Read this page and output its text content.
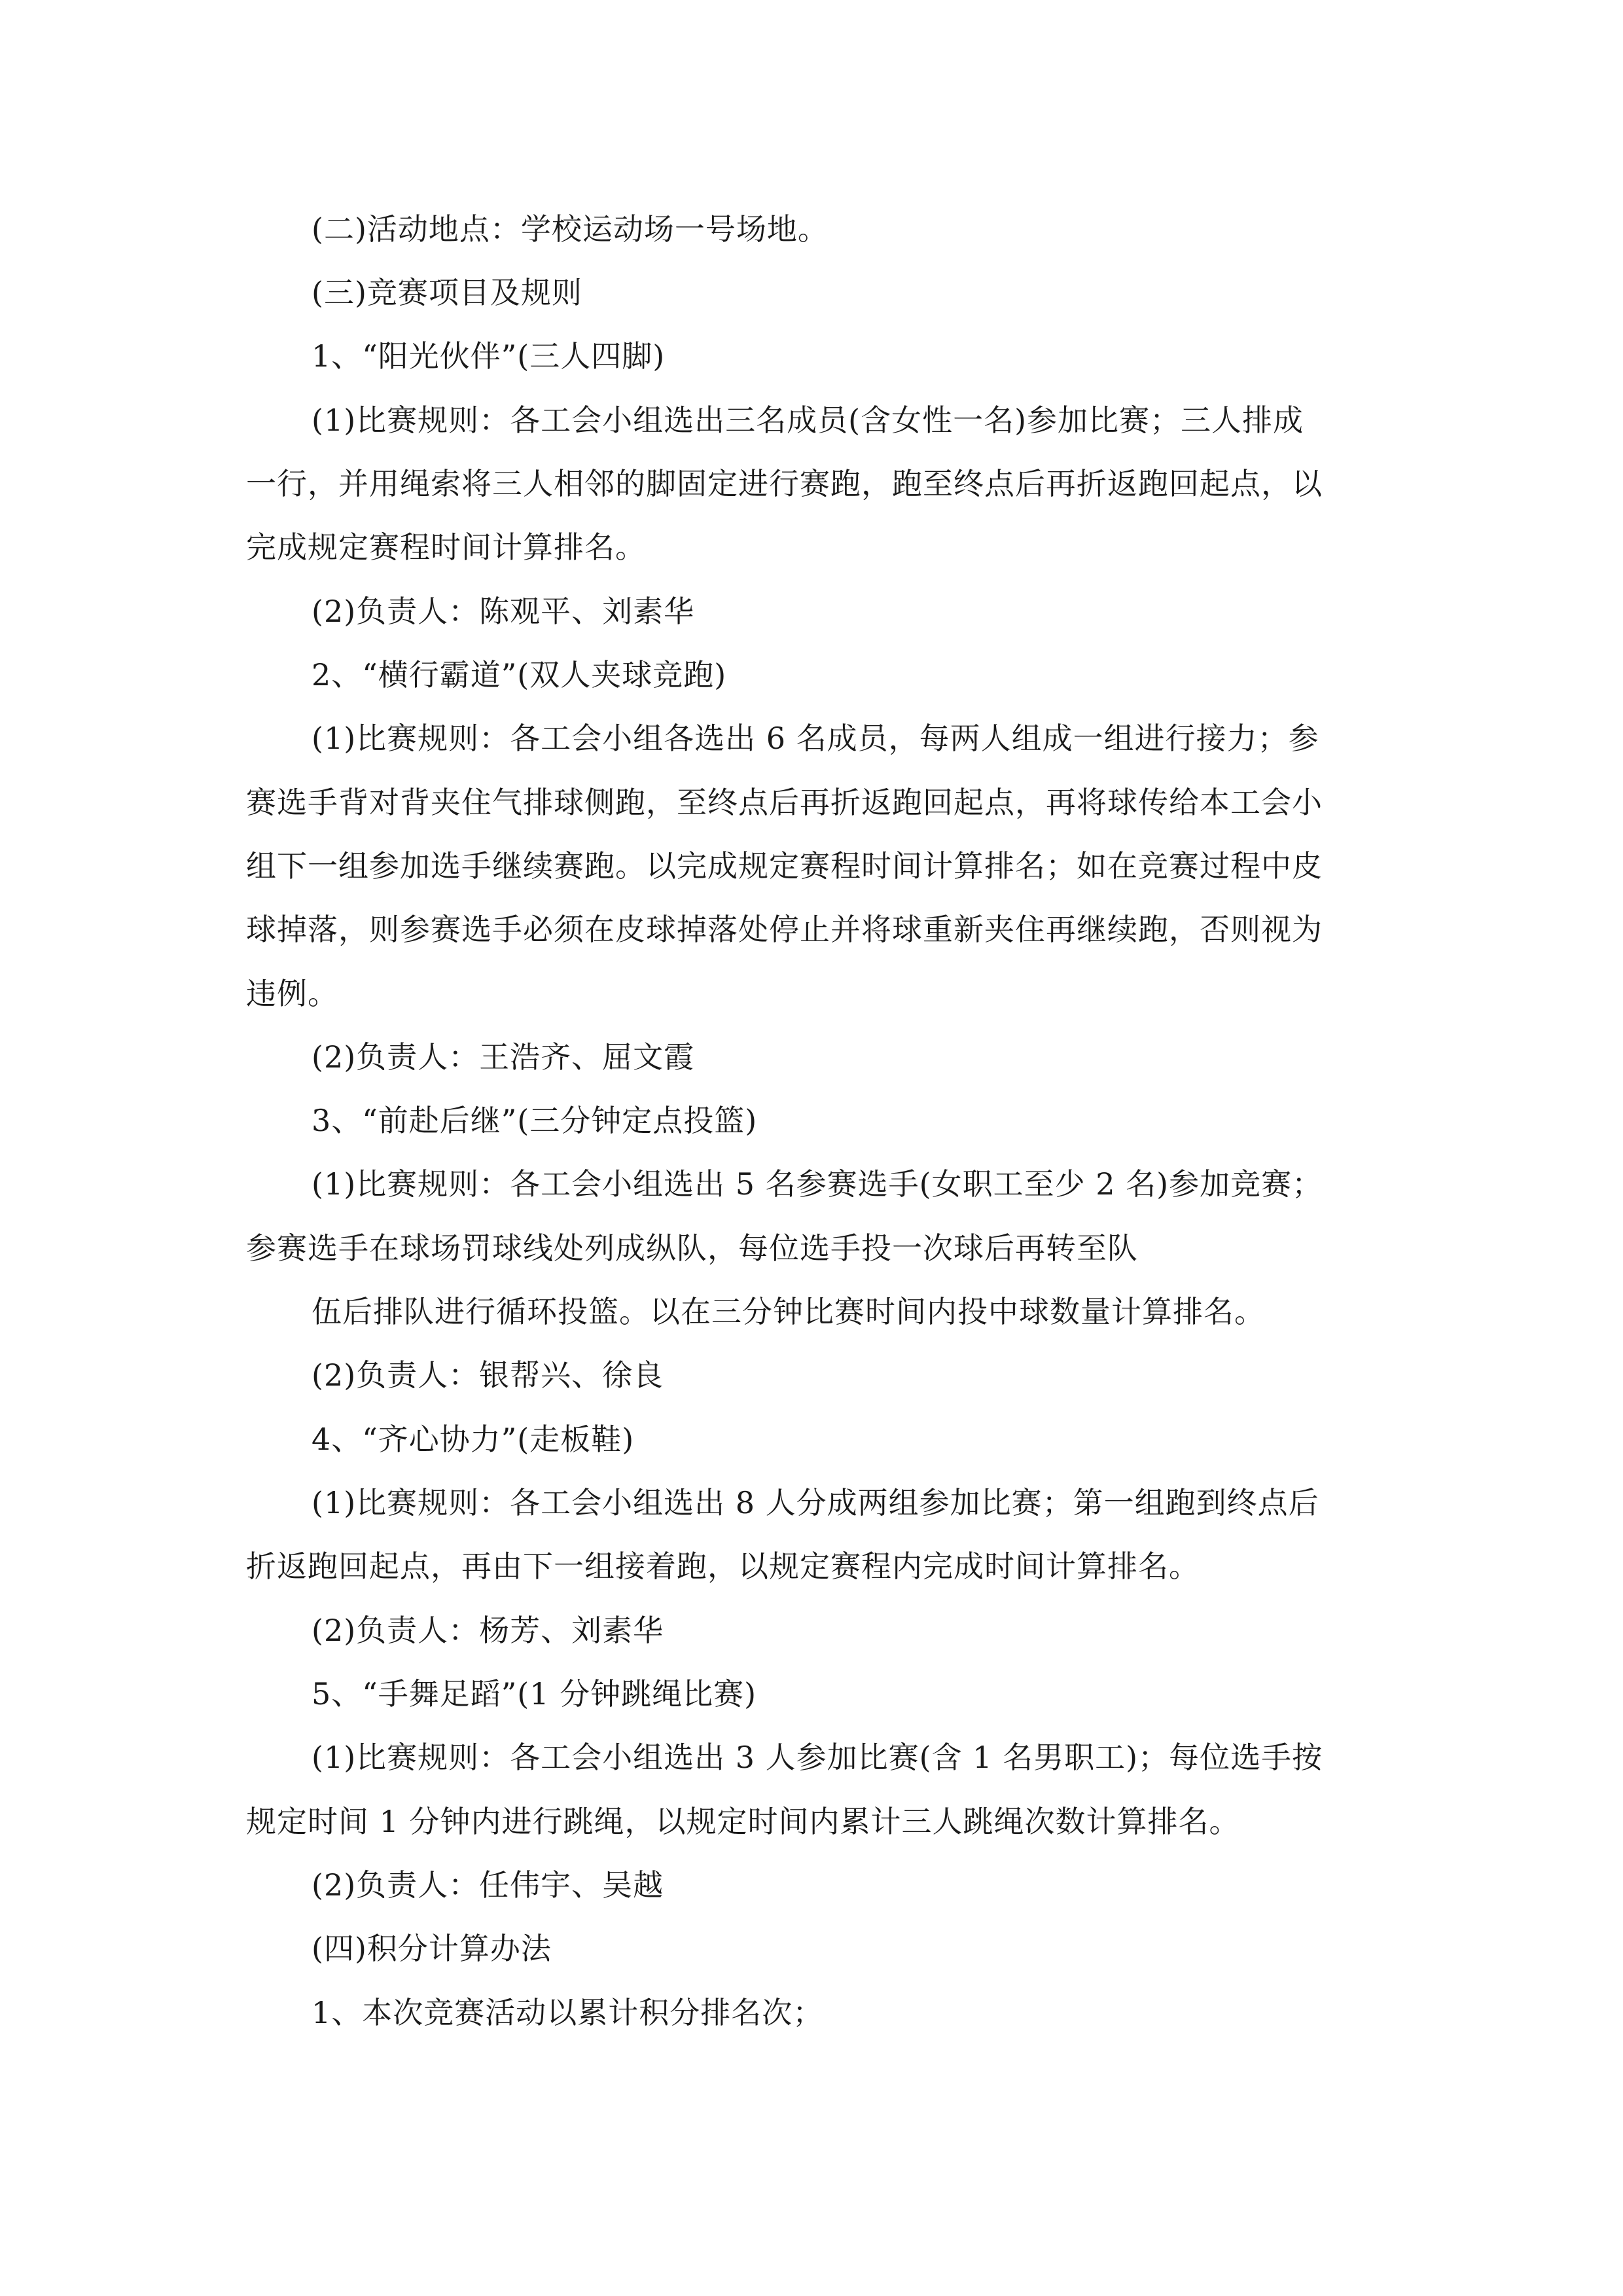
(二)活动地点：学校运动场一号场地。
(三)竞赛项目及规则
1、“阳光伙伴”(三人四脚)
(1)比赛规则：各工会小组选出三名成员(含女性一名)参加比赛；三人排成
一行，并用绳索将三人相邻的脚固定进行赛跑，跑至终点后再折返跑回起点，以
完成规定赛程时间计算排名。
(2)负责人：陈观平、刘素华
2、“横行霸道”(双人夹球竞跑)
(1)比赛规则：各工会小组各选出 6 名成员，每两人组成一组进行接力；参
赛选手背对背夹住气排球侧跑，至终点后再折返跑回起点，再将球传给本工会小
组下一组参加选手继续赛跑。以完成规定赛程时间计算排名；如在竞赛过程中皮
球掉落，则参赛选手必须在皮球掉落处停止并将球重新夹住再继续跑，否则视为
违例。
(2)负责人：王浩齐、屈文霞
3、“前赴后继”(三分钟定点投篮)
(1)比赛规则：各工会小组选出 5 名参赛选手(女职工至少 2 名)参加竞赛；
参赛选手在球场罚球线处列成纵队，每位选手投一次球后再转至队
伍后排队进行循环投篮。以在三分钟比赛时间内投中球数量计算排名。
(2)负责人：银帮兴、徐良
4、“齐心协力”(走板鞋)
(1)比赛规则：各工会小组选出 8 人分成两组参加比赛；第一组跑到终点后
折返跑回起点，再由下一组接着跑，以规定赛程内完成时间计算排名。
(2)负责人：杨芳、刘素华
5、“手舞足蹈”(1 分钟跳绳比赛)
(1)比赛规则：各工会小组选出 3 人参加比赛(含 1 名男职工)；每位选手按
规定时间 1 分钟内进行跳绳，以规定时间内累计三人跳绳次数计算排名。
(2)负责人：任伟宇、吴越
(四)积分计算办法
1、本次竞赛活动以累计积分排名次；
